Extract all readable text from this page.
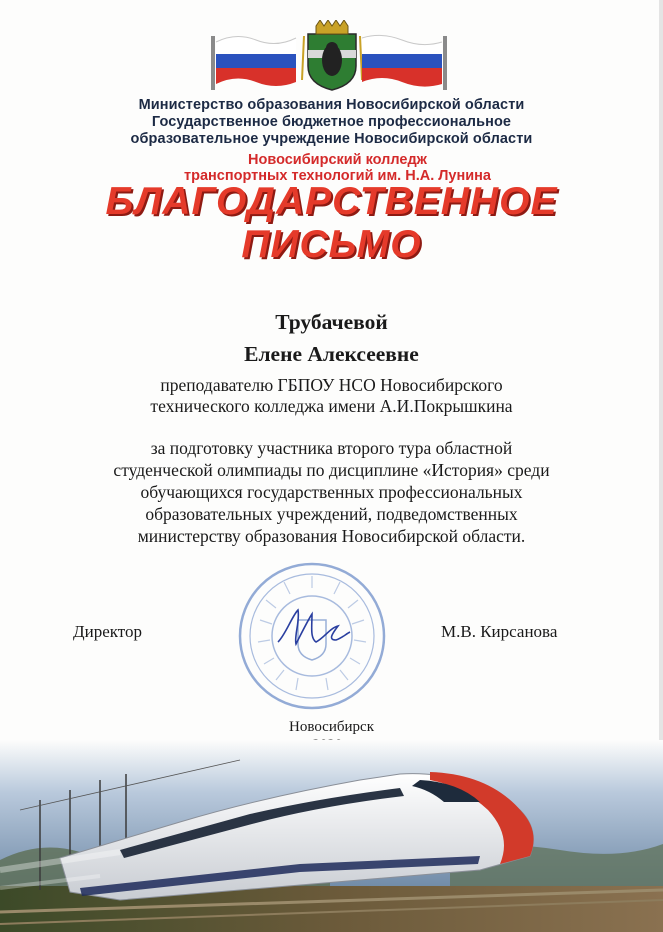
Министерство образования Новосибирской области
Государственное бюджетное профессиональное
образовательное учреждение Новосибирской области
Новосибирский колледж
транспортных технологий им. Н.А. Лунина
БЛАГОДАРСТВЕННОЕ
ПИСЬМО
Трубачевой
Елене Алексеевне
преподавателю ГБПОУ НСО Новосибирского
технического колледжа имени А.И.Покрышкина
за подготовку участника второго тура областной
студенческой олимпиады по дисциплине «История» среди
обучающихся государственных профессиональных
образовательных учреждений, подведомственных
министерству образования Новосибирской области.
Директор	М.В. Кирсанова
Новосибирск
